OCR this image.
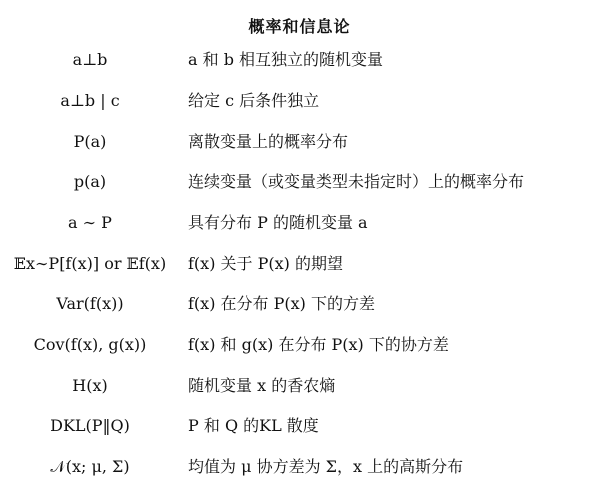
概率和信息论
a⊥b	a 和 b 相互独立的随机变量
a⊥b | c	给定 c 后条件独立
P(a)	离散变量上的概率分布
p(a)	连续变量（或变量类型未指定时）上的概率分布
a ∼ P	具有分布 P 的随机变量 a
𝔼x∼P[f(x)] or 𝔼f(x)	f(x) 关于 P(x) 的期望
Var(f(x))	f(x) 在分布 P(x) 下的方差
Cov(f(x), g(x))	f(x) 和 g(x) 在分布 P(x) 下的协方差
H(x)	随机变量 x 的香农熵
DKL(P‖Q)	P 和 Q 的KL 散度
𝒩(x; μ, Σ)	均值为 μ 协方差为 Σ，x 上的高斯分布
